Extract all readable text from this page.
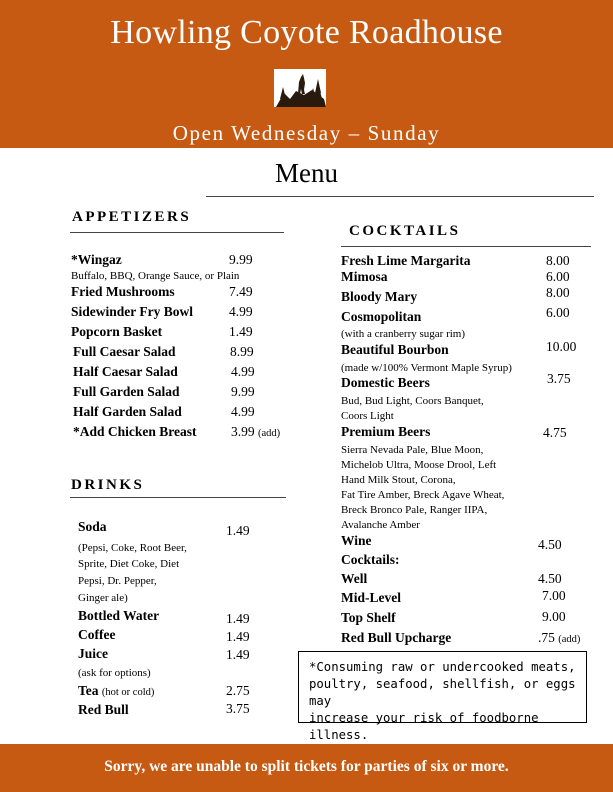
Howling Coyote Roadhouse
Open Wednesday – Sunday
Menu
APPETIZERS
*Wingaz	9.99
Buffalo, BBQ, Orange Sauce, or Plain
Fried Mushrooms	7.49
Sidewinder Fry Bowl	4.99
Popcorn Basket	1.49
Full Caesar Salad	8.99
Half Caesar Salad	4.99
Full Garden Salad	9.99
Half Garden Salad	4.99
*Add Chicken Breast	3.99 (add)
DRINKS
Soda	1.49
(Pepsi, Coke, Root Beer,
Sprite, Diet Coke, Diet
Pepsi, Dr. Pepper,
Ginger ale)
Bottled Water	1.49
Coffee	1.49
Juice	1.49
(ask for options)
Tea (hot or cold)	2.75
Red Bull	3.75
COCKTAILS
Fresh Lime Margarita	8.00
Mimosa	6.00
Bloody Mary	8.00
Cosmopolitan	6.00
(with a cranberry sugar rim)
Beautiful Bourbon	10.00
(made w/100% Vermont Maple Syrup)
Domestic Beers	3.75
Bud, Bud Light, Coors Banquet,
Coors Light
Premium Beers	4.75
Sierra Nevada Pale, Blue Moon,
Michelob Ultra, Moose Drool, Left
Hand Milk Stout, Corona,
Fat Tire Amber, Breck Agave Wheat,
Breck Bronco Pale, Ranger IIPA,
Avalanche Amber
Wine	4.50
Cocktails:
Well	4.50
Mid-Level	7.00
Top Shelf	9.00
Red Bull Upcharge	.75 (add)
*Consuming raw or undercooked meats,
poultry, seafood, shellfish, or eggs may
increase your risk of foodborne illness.
Sorry, we are unable to split tickets for parties of six or more.
